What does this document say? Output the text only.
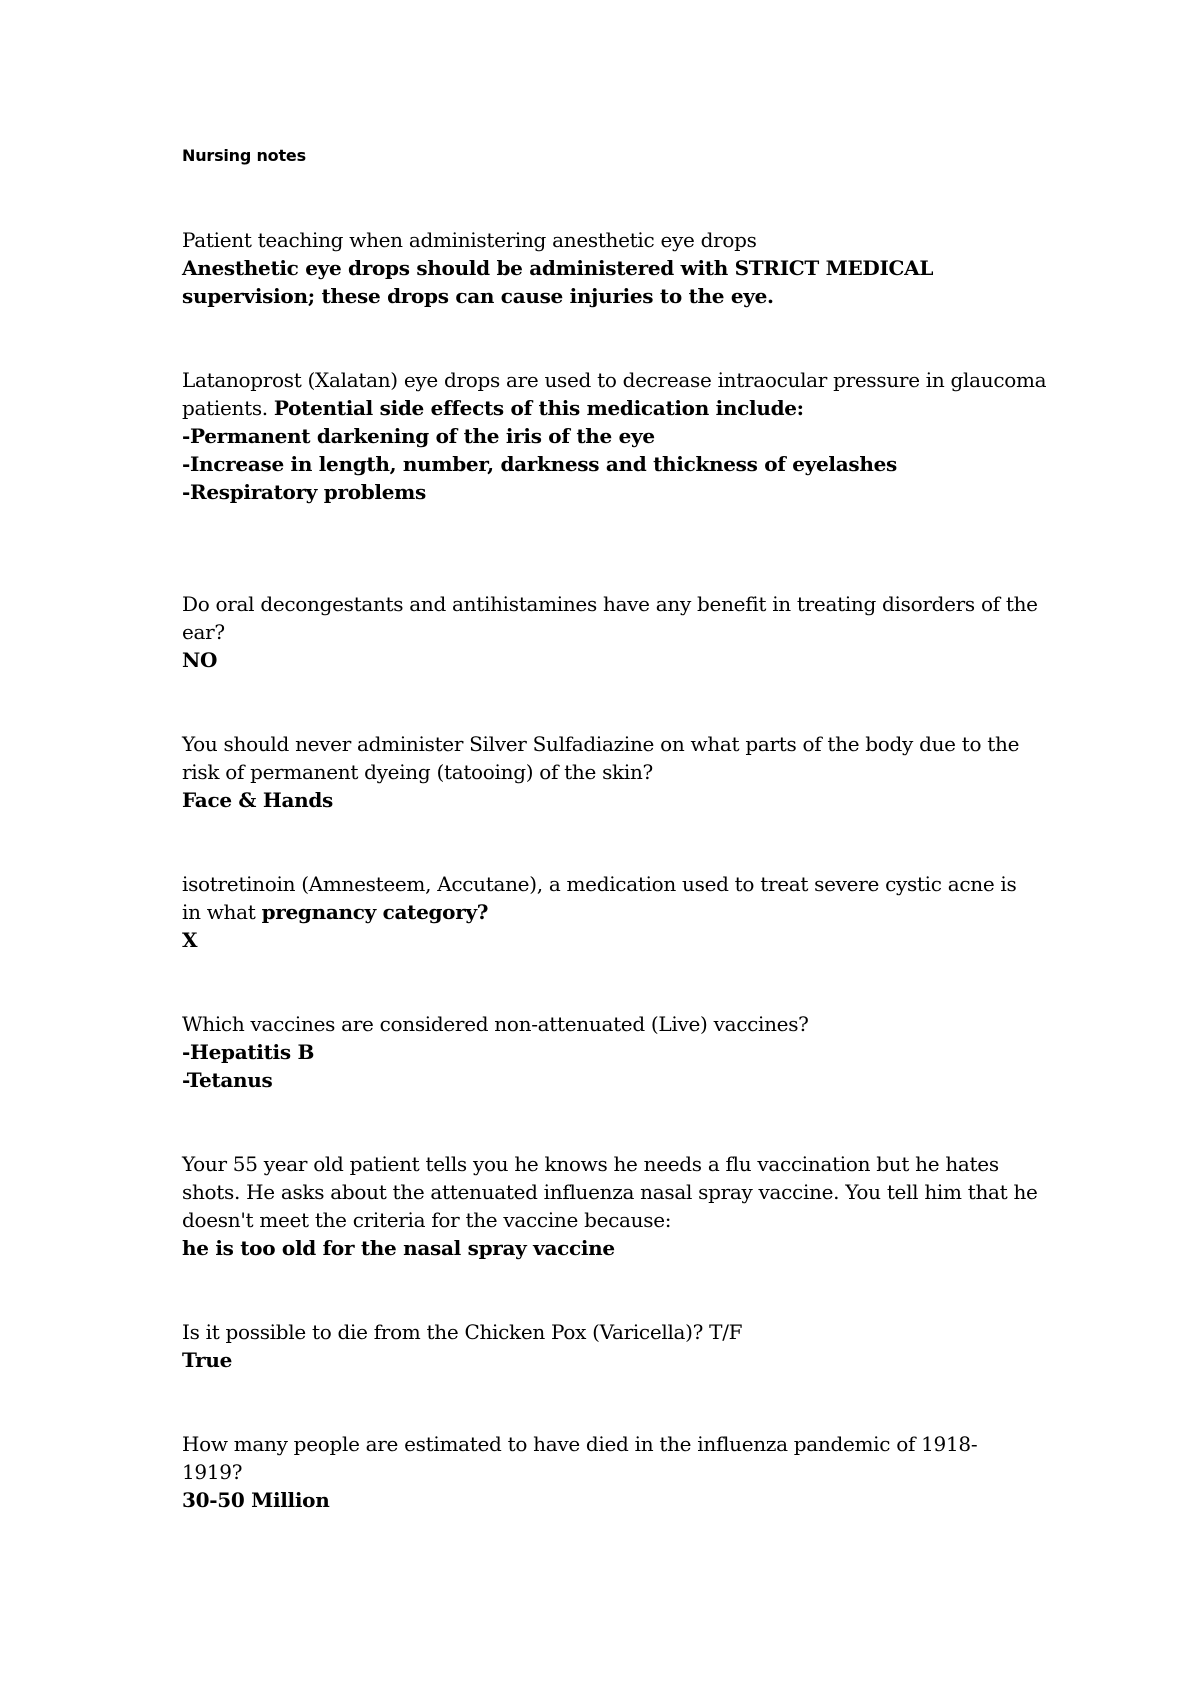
Nursing notes
Patient teaching when administering anesthetic eye drops
Anesthetic eye drops should be administered with STRICT MEDICAL
supervision; these drops can cause injuries to the eye.
Latanoprost (Xalatan) eye drops are used to decrease intraocular pressure in glaucoma
patients. Potential side effects of this medication include:
-Permanent darkening of the iris of the eye
-Increase in length, number, darkness and thickness of eyelashes
-Respiratory problems
Do oral decongestants and antihistamines have any benefit in treating disorders of the
ear?
NO
You should never administer Silver Sulfadiazine on what parts of the body due to the
risk of permanent dyeing (tatooing) of the skin?
Face & Hands
isotretinoin (Amnesteem, Accutane), a medication used to treat severe cystic acne is
in what pregnancy category?
X
Which vaccines are considered non-attenuated (Live) vaccines?
-Hepatitis B
-Tetanus
Your 55 year old patient tells you he knows he needs a flu vaccination but he hates
shots. He asks about the attenuated influenza nasal spray vaccine. You tell him that he
doesn't meet the criteria for the vaccine because:
he is too old for the nasal spray vaccine
Is it possible to die from the Chicken Pox (Varicella)? T/F
True
How many people are estimated to have died in the influenza pandemic of 1918-
1919?
30-50 Million
